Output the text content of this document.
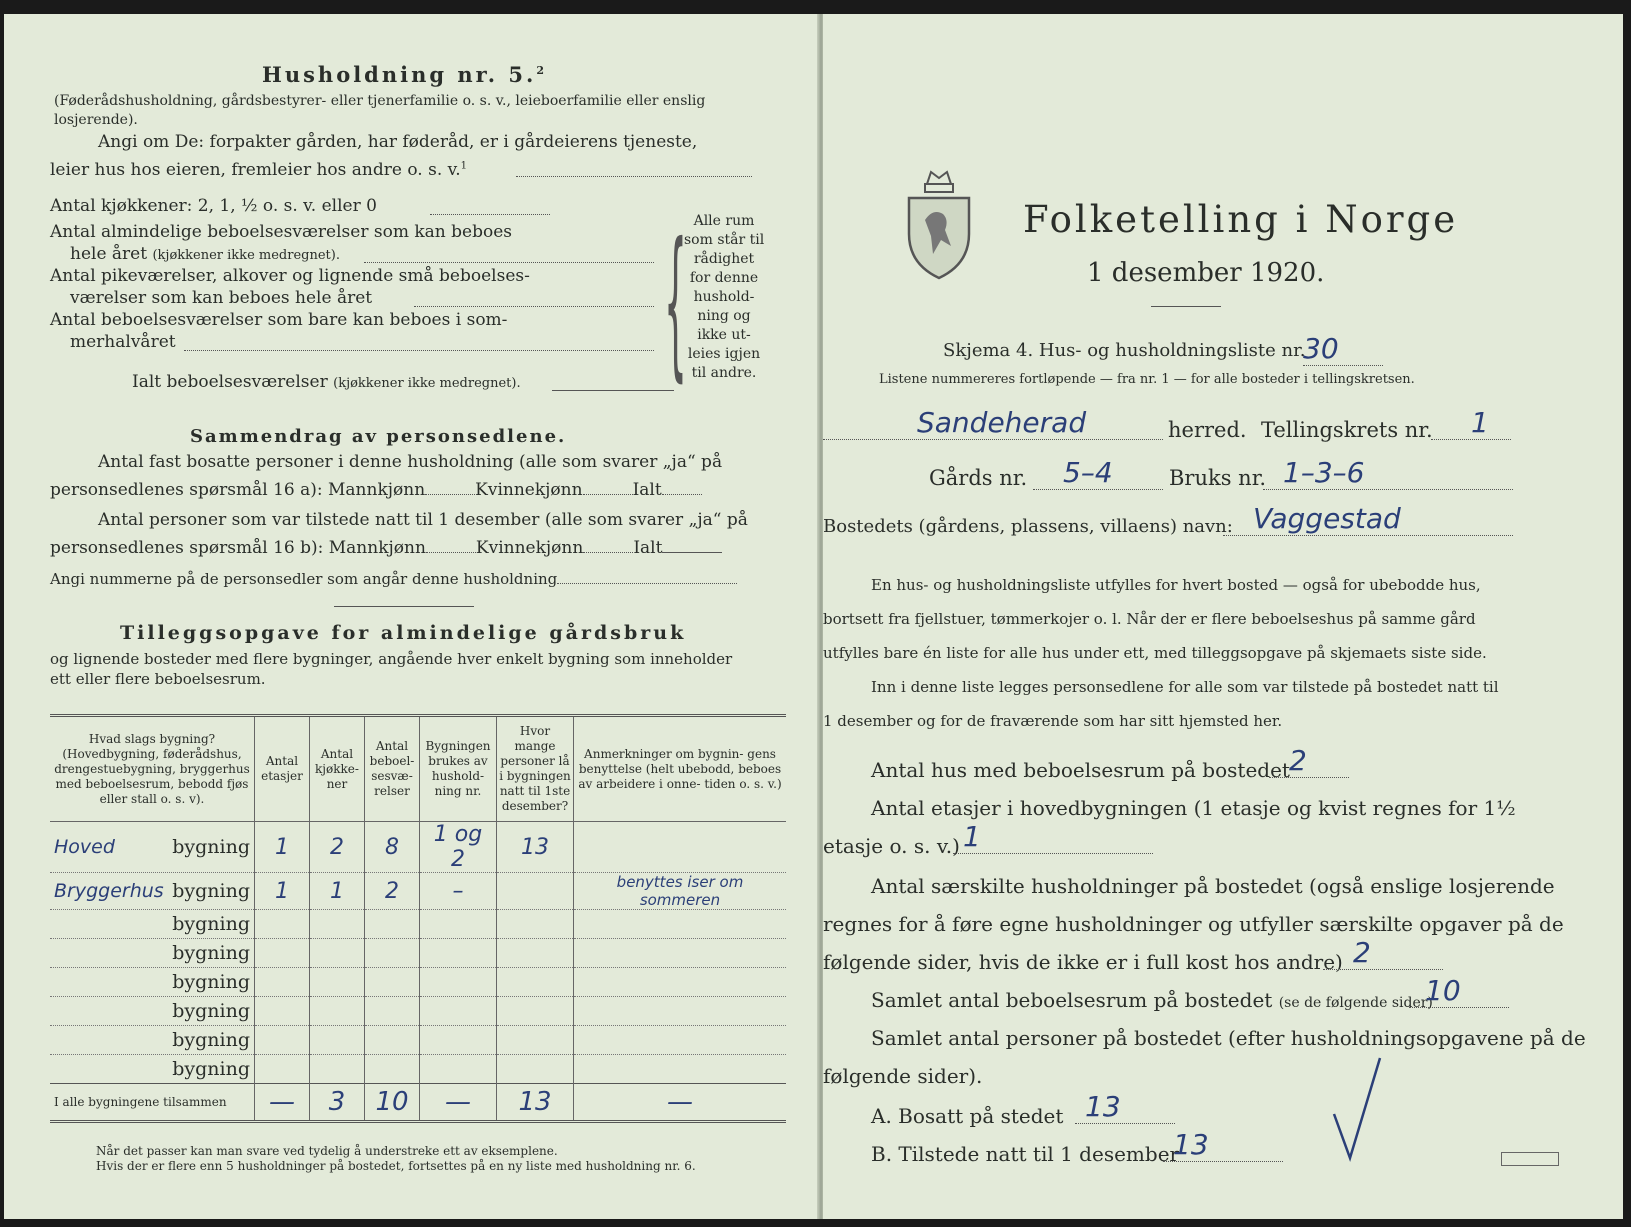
Husholdning nr. 5.$^2$
(Føderådshusholdning, gårdsbestyrer- eller tjenerfamilie o. s. v., leieboerfamilie eller enslig losjerende).
Angi om De: forpakter gården, har føderåd, er i gårdeierens tjeneste,
leier hus hos eieren, fremleier hos andre o. s. v.$^1$
Antal kjøkkener: 2, 1, ½ o. s. v. eller 0
Antal almindelige beboelsesværelser som kan beboes
hele året (kjøkkener ikke medregnet).
Antal pikeværelser, alkover og lignende små beboelses-
værelser som kan beboes hele året
Antal beboelsesværelser som bare kan beboes i som-
merhalvåret
Ialt beboelsesværelser (kjøkkener ikke medregnet).	{ Alle rum
som står til
rådighet
for denne
hushold-
ning og
ikke ut-
leies igjen
til andre.
Sammendrag av personsedlene.
Antal fast bosatte personer i denne husholdning (alle som svarer „ja“ på
personsedlenes spørsmål 16 a): Mannkjønn	Kvinnekjønn	Ialt
Antal personer som var tilstede natt til 1 desember (alle som svarer „ja“ på
personsedlenes spørsmål 16 b): Mannkjønn	Kvinnekjønn	Ialt
Angi nummerne på de personsedler som angår denne husholdning
Tilleggsopgave for almindelige gårdsbruk
og lignende bosteder med flere bygninger, angående hver enkelt bygning som inneholder
ett eller flere beboelsesrum.
Hvad slags bygning? (Hovedbygning, føderådshus, drengestuebygning, bryggerhus med beboelsesrum, bebodd fjøs eller stall o. s. v).	Antal etasjer	Antal kjøkke- ner	Antal beboel- sesvæ- relser	Bygningen brukes av hushold- ning nr.	Hvor mange personer lå i bygningen natt til 1ste desember?	Anmerkninger om bygnin- gens benyttelse (helt ubebodd, beboes av arbeidere i onne- tiden o. s. v.)

Hoved bygning	1	2	8	1 og 2	13	

Bryggerhus bygning	1	1	2	–		benyttes iser om sommeren

bygning						

bygning						

bygning						

bygning						

bygning						

bygning						

I alle bygningene tilsammen	—	3	10	—	13	—
Når det passer kan man svare ved tydelig å understreke ett av eksemplene.
Hvis der er flere enn 5 husholdninger på bostedet, fortsettes på en ny liste med husholdning nr. 6.
Folketelling i Norge
1 desember 1920.
Skjema 4. Hus- og husholdningsliste nr.
30
Listene nummereres fortløpende — fra nr. 1 — for alle bosteder i tellingskretsen.
Sandeherad	herred. Tellingskrets nr.	1
Gårds nr.	5–4	Bruks nr. 1–3–6
Bostedets (gårdens, plassens, villaens) navn: Vaggestad
En hus- og husholdningsliste utfylles for hvert bosted — også for ubebodde hus,
bortsett fra fjellstuer, tømmerkojer o. l. Når der er flere beboelseshus på samme gård
utfylles bare én liste for alle hus under ett, med tilleggsopgave på skjemaets siste side.
Inn i denne liste legges personsedlene for alle som var tilstede på bostedet natt til
1 desember og for de fraværende som har sitt hjemsted her.
Antal hus med beboelsesrum på bostedet 2
Antal etasjer i hovedbygningen (1 etasje og kvist regnes for 1½
etasje o. s. v.) 1
Antal særskilte husholdninger på bostedet (også enslige losjerende
regnes for å føre egne husholdninger og utfyller særskilte opgaver på de
følgende sider, hvis de ikke er i full kost hos andre) 2
Samlet antal beboelsesrum på bostedet (se de følgende sider)
10
Samlet antal personer på bostedet (efter husholdningsopgavene på de
følgende sider).
A. Bosatt på stedet 13
B. Tilstede natt til 1 desember
13
